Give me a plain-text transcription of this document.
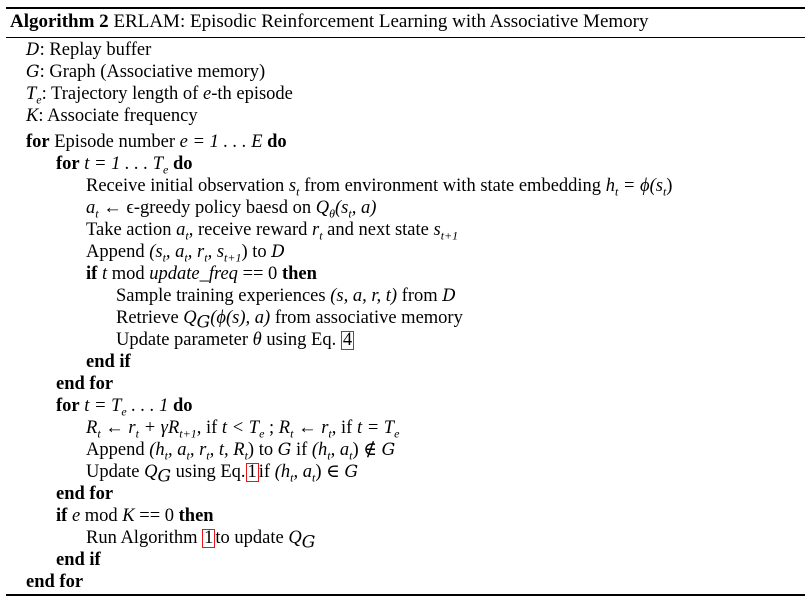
Algorithm 2 ERLAM: Episodic Reinforcement Learning with Associative Memory
D: Replay buffer
G: Graph (Associative memory)
$T_e$: Trajectory length of e-th episode
K: Associate frequency
for Episode number e = 1 . . . E do
for t = 1 . . . $T_e$ do
Receive initial observation $s_t$ from environment with state embedding $h_t = \phi(s_t)$
$a_t$ ← ϵ-greedy policy baesd on $Q_\theta(s_t$, a)
Take action $a_t$, receive reward $r_t$ and next state $s_{t+1}$
Append ($s_t$, $a_t$, $r_t$, $s_{t+1}$) to D
if t mod update_freq == 0 then
Sample training experiences (s, a, r, t) from D
Retrieve $Q_G(\phi(s)$, a) from associative memory
Update parameter θ using Eq. 4
end if
end for
for $t = T_e$ . . . 1 do
$R_t$ ← $r_t + \gamma R_{t+1}$, if $t < T_e$ ; $R_t$ ← $r_t$, if $t = T_e$
Append ($h_t$, $a_t$, $r_t$, t, $R_t$) to G if ($h_t$, $a_t$) ∉ G
Update $Q_G$ using Eq. 1 if ($h_t$, $a_t$) ∈ G
end for
if e mod K == 0 then
Run Algorithm 1 to update $Q_G$
end if
end for
